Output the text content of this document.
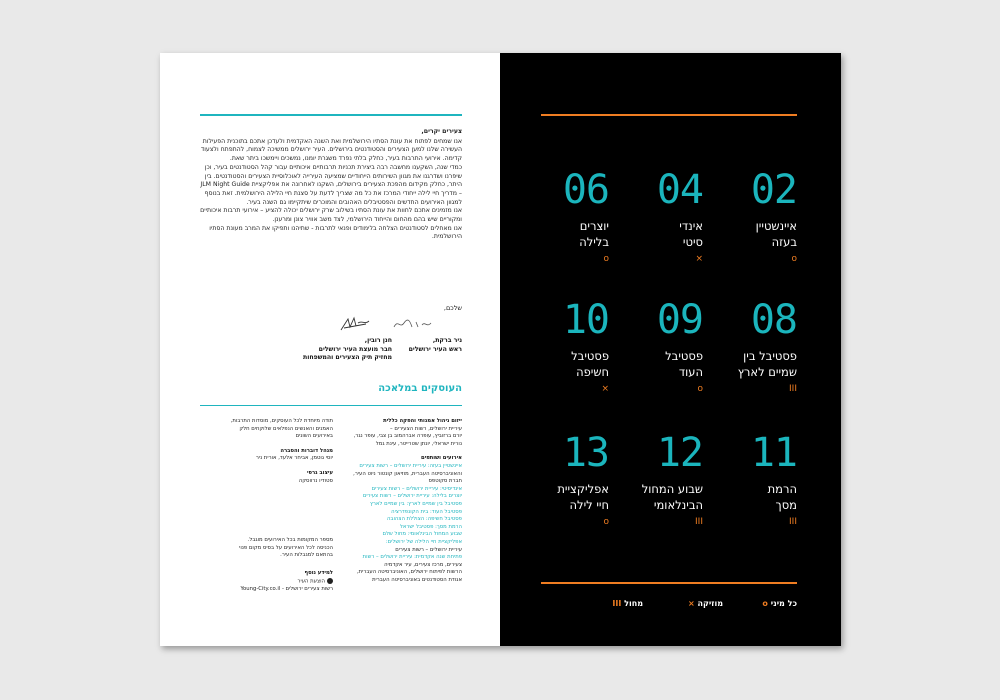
צעירים יקרים,

אנו שמחים לפתוח את עונת הסתיו הירושלמית ואת השנה האקדמית ולעדכן אתכם בתוכנית הפעילות העשירה שלנו למען הצעירים והסטודנטים בירושלים. העיר ירושלים ממשיכה לצמוח, להתפתח ולצעוד קדימה. אירועי התרבות בעיר, כחלק בלתי נפרד משגרת יומנו, נמשכים ויימשכו ביתר שאת.

כמדי שנה, השקענו מחשבה רבה ביצירת תכניות תרבותיים איכותיים עבור קהל הסטודנטים בעיר, וכן שיפרנו ושדרגנו את מגוון השירותים הייחודיים שמציעה העירייה לאוכלוסיית הצעירים והסטודנטים. בין היתר, כחלק מקידום מהפכת הצעירים בירושלים, השקנו לאחרונה את אפליקציית JLM Night Guide – מדריך חיי לילה ייחודי המרכז את כל מה שצריך לדעת על סצנת חיי הלילה הירושלמית. זאת בנוסף למגוון האירועים החדשים והפסטיבלים האהובים והמוכרים שיתקיימו גם השנה בעיר.

אנו מזמינים אתכם לחוות את עונת הסתיו בשילוב שרק ירושלים יכולה להציע – אירועי תרבות איכותיים ומקוריים שיש בהם מהחום והייחוד הירושלמי, לצד משב אוויר צונן ומרענן.

אנו מאחלים לסטודנטים הצלחה בלימודים ופנאי לתרבות - שתיהנו ותפיקו את המרב מעונת הסתיו הירושלמית.

שלכם,
ניר ברקת,
ראש העיר ירושלים
חנן רובין,
חבר מועצת העיר ירושלים
מחזיק תיק הצעירים והמשפחות
העוסקים במלאכה
ייזום ניהול אמנותי והפקה כללית
עיריית ירושלים, רשות הצעירים –
יורם ברזוביץ, עופרה אברהמוב בן צבי, עופר נגר,
נורית ישראלי, יונתן שטרייטר, עינת גמל
אירועים ושותפים
איינשטיין בעזה: עיריית ירושלים – רשות צעירים
והאוניברסיטה העברית, מוזיאון קונטור ניוט העיר,
חברת סקוטפס
אינדיסיטי: עיריית ירושלים – רשות צעירים
יוצרים בלילה: עיריית ירושלים – רשות צעירים
פסטיבל בין שמיים לארץ: בין שמיים לארץ
פסטיבל העוד: בית הקונפדרציה
פסטיבל חשיפה: הצוללת הצהובה
הרמת מסך: פסטיבל ישראל
שבוע המחול הבינלאומי: מחול שלם
אפליקציית חיי הלילה של ירושלים:
עיריית ירושלים – רשות צעירים
פתיחת שנה אקדמית: עיריית ירושלים – רשות
צעירים, מרכז צעירים, עיר אקדמיה
הרשות לפיתוח ירושלים, האוניברסיטה העברית,
אגודת הסטודנטים באוניברסיטה העברית
תודה מיוחדת לכל העוסקים, מוסדות התרבות,
האמנים והאנשים הנפלאים שלוקחים חלק
באירועים השונים
מנהל דוברות והסברה
יוסי גוטמן, אביחר אלעד, אורית ניר
עיצוב גרפי
סטודיו נרווסקה
מספר המקומות בכל האירועים מוגבל.
הכניסה לכל האירועים על בסיס מקום פנוי
בהתאם למגבלות העיר.
למידע נוסף
הוצעת העיר
רשות צעירים ירושלים - Young-City.co.il
02
איינשטיין
בעזה
o
04
אינדי
סיטי
×
06
יוצרים
בלילה
o
08
פסטיבל בין
שמיים לארץ
III
09
פסטיבל
העוד
o
10
פסטיבל
חשיפה
×
11
הרמת
מסך
III
12
שבוע המחול
הבינלאומי
III
13
אפליקציית
חיי לילה
o
כל מיני o
מוזיקה ×
מחול III
